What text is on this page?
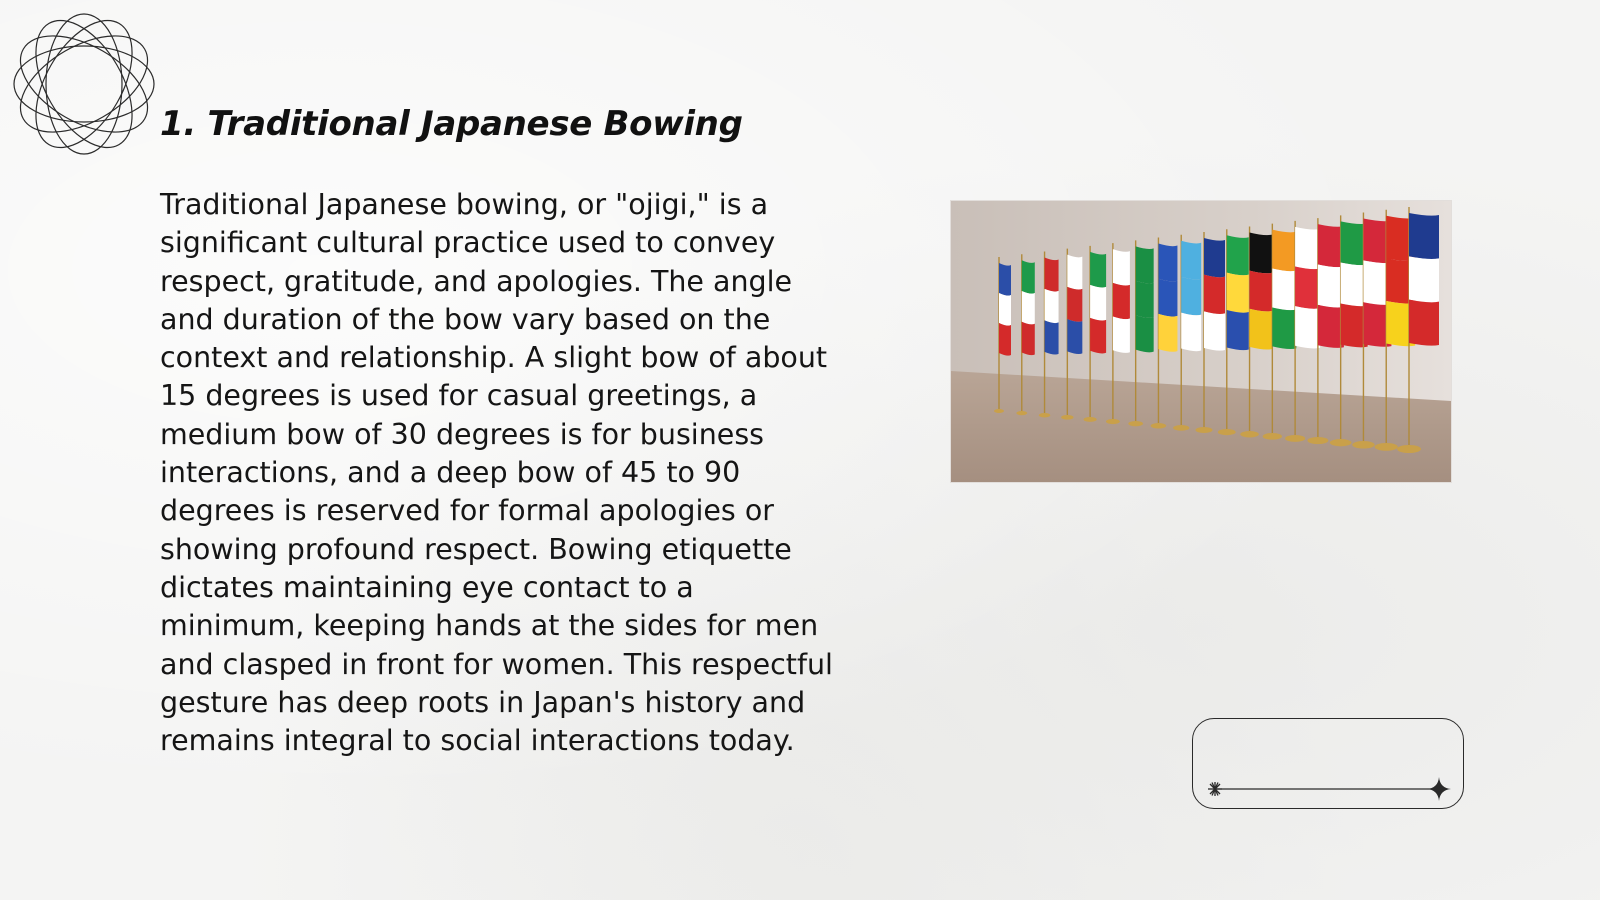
1. Traditional Japanese Bowing

Traditional Japanese bowing, or "ojigi," is a significant cultural practice used to convey respect, gratitude, and apologies. The angle and duration of the bow vary based on the context and relationship. A slight bow of about 15 degrees is used for casual greetings, a medium bow of 30 degrees is for business interactions, and a deep bow of 45 to 90 degrees is reserved for formal apologies or showing profound respect. Bowing etiquette dictates maintaining eye contact to a minimum, keeping hands at the sides for men and clasped in front for women. This respectful gesture has deep roots in Japan's history and remains integral to social interactions today.
